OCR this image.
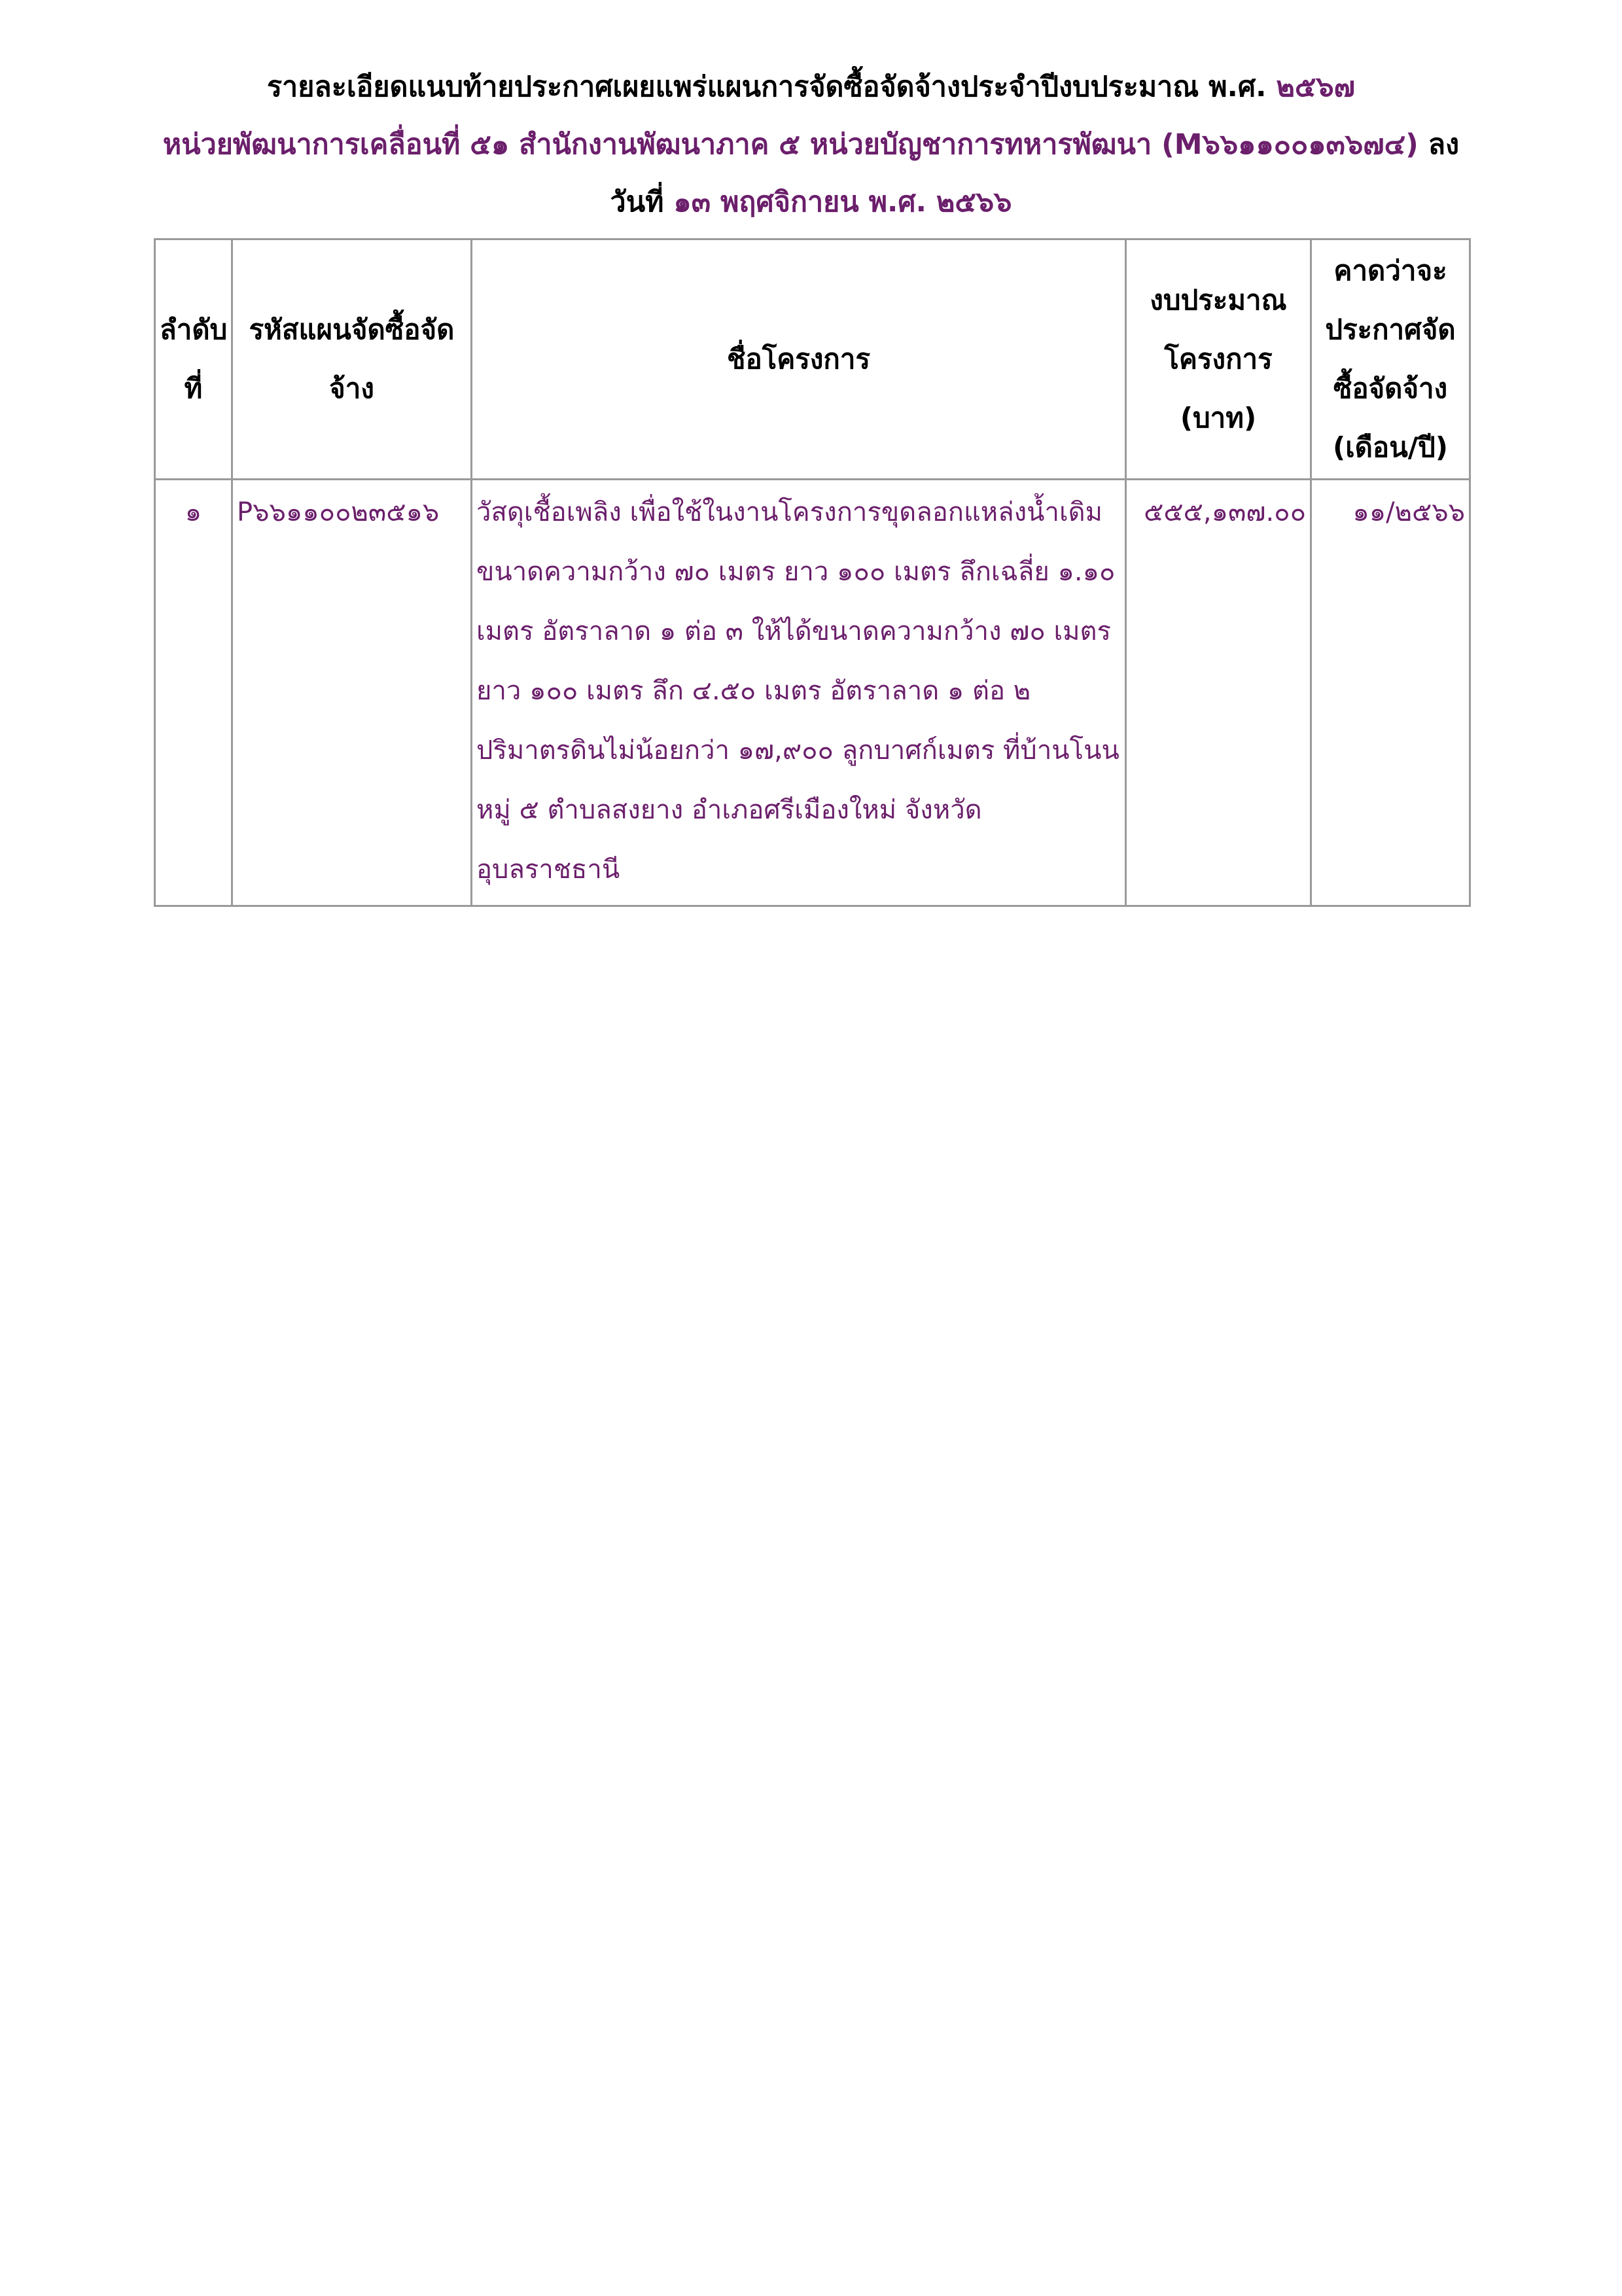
รายละเอียดแนบท้ายประกาศเผยแพร่แผนการจัดซื้อจัดจ้างประจำปีงบประมาณ พ.ศ. ๒๕๖๗
หน่วยพัฒนาการเคลื่อนที่ ๕๑ สำนักงานพัฒนาภาค ๕ หน่วยบัญชาการทหารพัฒนา (M๖๖๑๑๐๐๑๓๖๗๔) ลง
วันที่ ๑๓ พฤศจิกายน พ.ศ. ๒๕๖๖
ลำดับที่	รหัสแผนจัดซื้อจัดจ้าง	ชื่อโครงการ	งบประมาณโครงการ (บาท)	คาดว่าจะประกาศจัดซื้อจัดจ้าง (เดือน/ปี)
๑	P๖๖๑๑๐๐๒๓๕๑๖	วัสดุเชื้อเพลิง เพื่อใช้ในงานโครงการขุดลอกแหล่งน้ำเดิม ขนาดความกว้าง ๗๐ เมตร ยาว ๑๐๐ เมตร ลึกเฉลี่ย ๑.๑๐ เมตร อัตราลาด ๑ ต่อ ๓ ให้ได้ขนาดความกว้าง ๗๐ เมตร ยาว ๑๐๐ เมตร ลึก ๔.๕๐ เมตร อัตราลาด ๑ ต่อ ๒ ปริมาตรดินไม่น้อยกว่า ๑๗,๙๐๐ ลูกบาศก์เมตร ที่บ้านโนน หมู่ ๕ ตำบลสงยาง อำเภอศรีเมืองใหม่ จังหวัดอุบลราชธานี	๕๕๕,๑๓๗.๐๐	๑๑/๒๕๖๖
